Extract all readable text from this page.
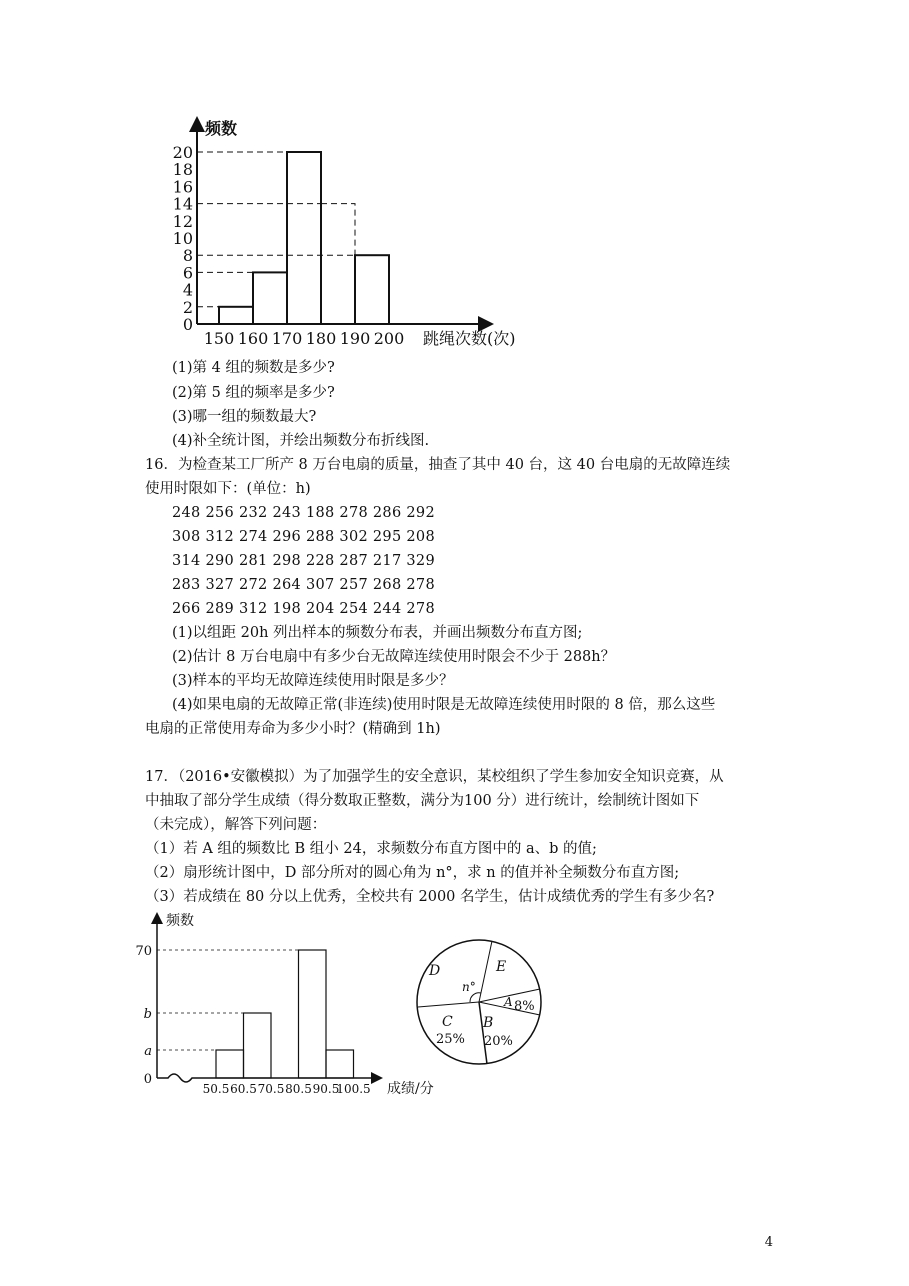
20
18
16
14
12
10
8
6
4
2
0
150 160 170 180 190 200
频数
跳绳次数(次)
(1)第 4 组的频数是多少?
(2)第 5 组的频率是多少?
(3)哪一组的频数最大?
(4)补全统计图，并绘出频数分布折线图.
16．为检查某工厂所产 8 万台电扇的质量，抽查了其中 40 台，这 40 台电扇的无故障连续
使用时限如下：(单位：h)
248 256 232 243 188 278 286 292
308 312 274 296 288 302 295 208
314 290 281 298 228 287 217 329
283 327 272 264 307 257 268 278
266 289 312 198 204 254 244 278
(1)以组距 20h 列出样本的频数分布表，并画出频数分布直方图;
(2)估计 8 万台电扇中有多少台无故障连续使用时限会不少于 288h？
(3)样本的平均无故障连续使用时限是多少？
(4)如果电扇的无故障正常(非连续)使用时限是无故障连续使用时限的 8 倍，那么这些
电扇的正常使用寿命为多少小时？(精确到 1h)
17．（2016•安徽模拟）为了加强学生的安全意识，某校组织了学生参加安全知识竞赛，从
中抽取了部分学生成绩（得分数取正整数，满分为100 分）进行统计，绘制统计图如下
（未完成），解答下列问题：
（1）若 A 组的频数比 B 组小 24，求频数分布直方图中的 a、b 的值;
（2）扇形统计图中，D 部分所对的圆心角为 n°，求 n 的值并补全频数分布直方图;
（3）若成绩在 80 分以上优秀，全校共有 2000 名学生，估计成绩优秀的学生有多少名?
70
b
a
0
50.5 60.5 70.5 80.5 90.5
100.5
频数
成绩/分
D	E
n°
A 8%
B
20%
C
25%
4
